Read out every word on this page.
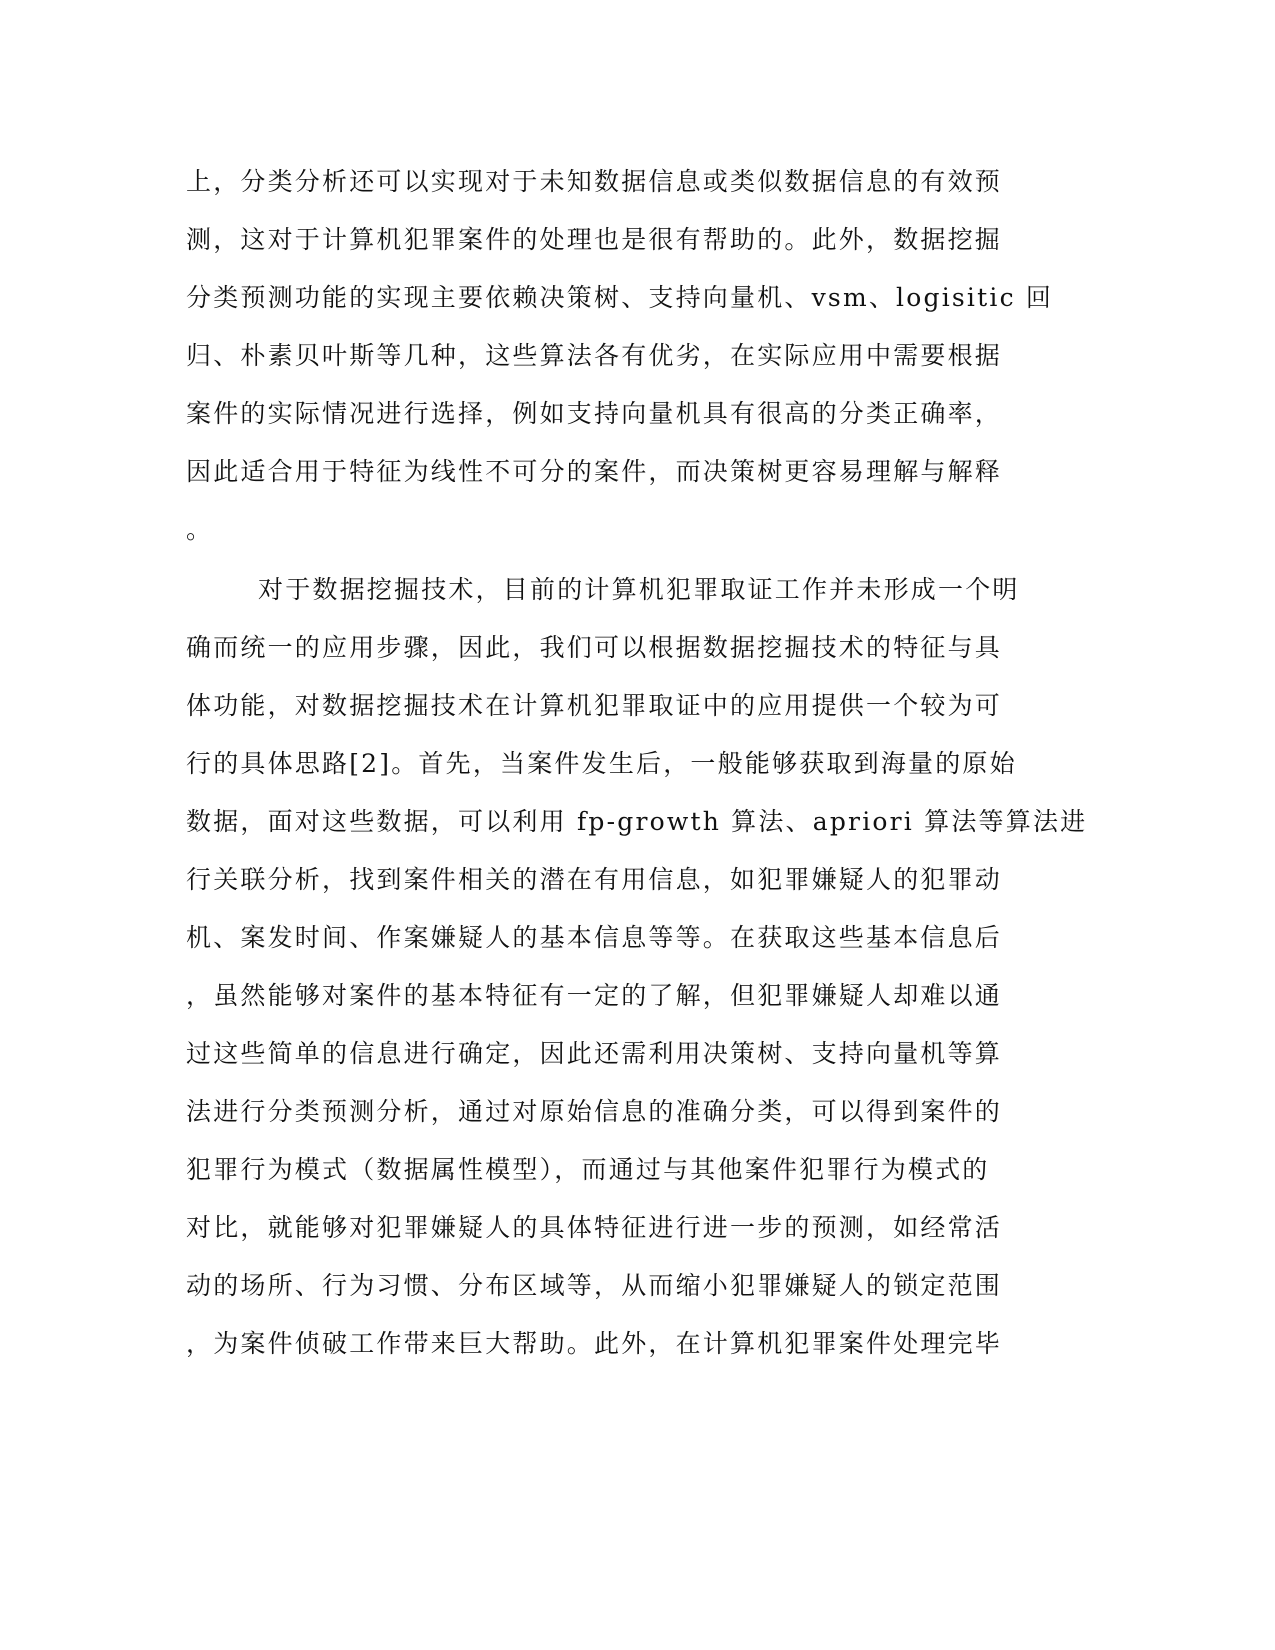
上，分类分析还可以实现对于未知数据信息或类似数据信息的有效预
测，这对于计算机犯罪案件的处理也是很有帮助的。此外，数据挖掘
分类预测功能的实现主要依赖决策树、支持向量机、vsm、logisitic 回
归、朴素贝叶斯等几种，这些算法各有优劣，在实际应用中需要根据
案件的实际情况进行选择，例如支持向量机具有很高的分类正确率，
因此适合用于特征为线性不可分的案件，而决策树更容易理解与解释
。
对于数据挖掘技术，目前的计算机犯罪取证工作并未形成一个明
确而统一的应用步骤，因此，我们可以根据数据挖掘技术的特征与具
体功能，对数据挖掘技术在计算机犯罪取证中的应用提供一个较为可
行的具体思路[2]。首先，当案件发生后，一般能够获取到海量的原始
数据，面对这些数据，可以利用 fp-growth 算法、apriori 算法等算法进
行关联分析，找到案件相关的潜在有用信息，如犯罪嫌疑人的犯罪动
机、案发时间、作案嫌疑人的基本信息等等。在获取这些基本信息后
，虽然能够对案件的基本特征有一定的了解，但犯罪嫌疑人却难以通
过这些简单的信息进行确定，因此还需利用决策树、支持向量机等算
法进行分类预测分析，通过对原始信息的准确分类，可以得到案件的
犯罪行为模式（数据属性模型），而通过与其他案件犯罪行为模式的
对比，就能够对犯罪嫌疑人的具体特征进行进一步的预测，如经常活
动的场所、行为习惯、分布区域等，从而缩小犯罪嫌疑人的锁定范围
，为案件侦破工作带来巨大帮助。此外，在计算机犯罪案件处理完毕
